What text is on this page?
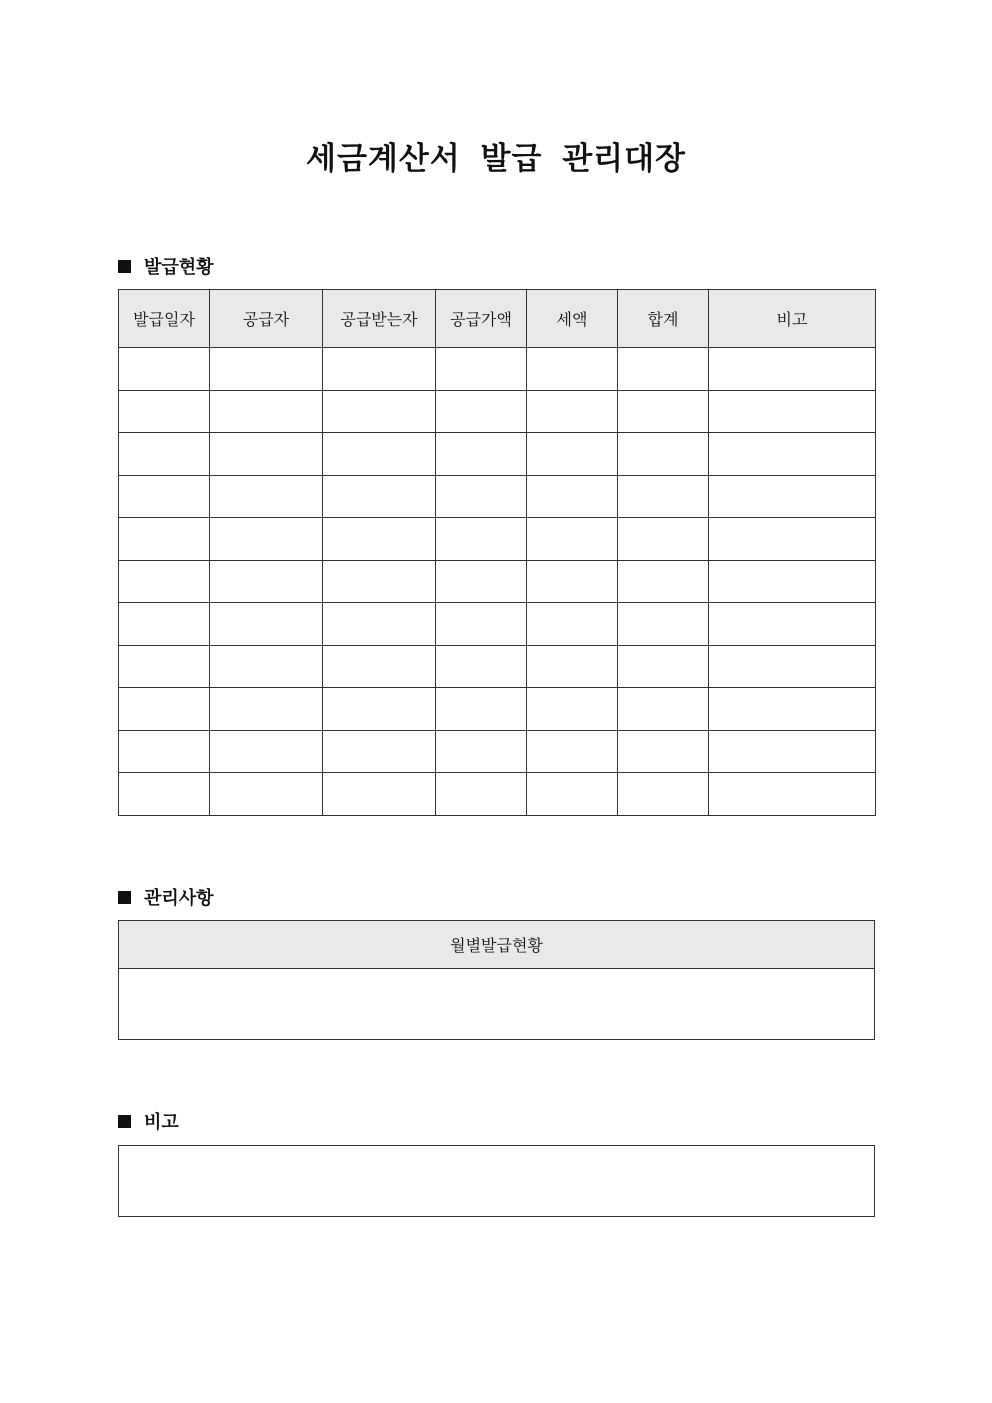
세금계산서 발급 관리대장
발급현황
발급일자	공급자	공급받는자	공급가액	세액	합계	비고

관리사항
월별발급현황

비고
